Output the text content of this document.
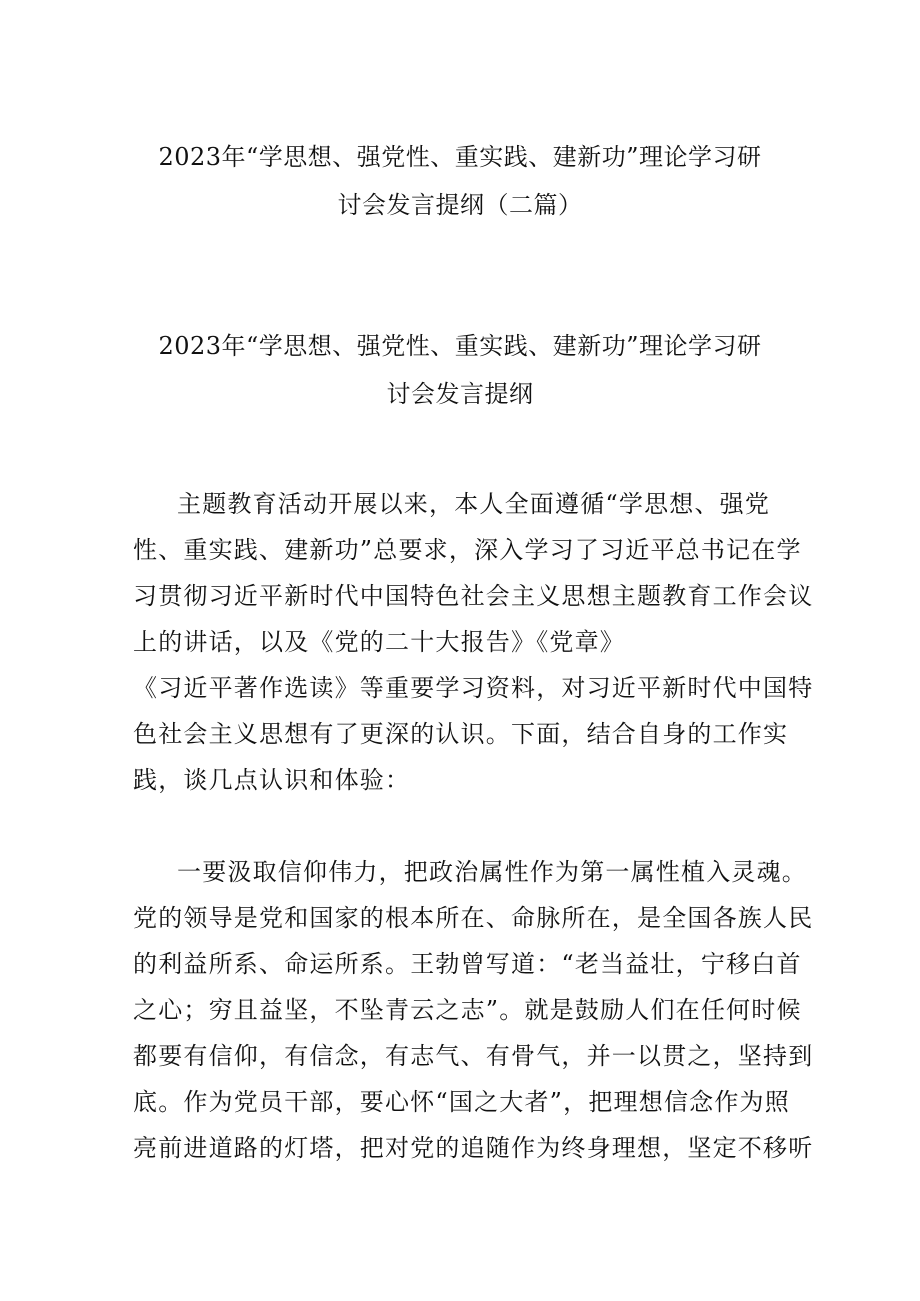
2023年“学思想、强党性、重实践、建新功”理论学习研
讨会发言提纲（二篇）
2023年“学思想、强党性、重实践、建新功”理论学习研
讨会发言提纲
主题教育活动开展以来，本人全面遵循“学思想、强党
性、重实践、建新功”总要求，深入学习了习近平总书记在学
习贯彻习近平新时代中国特色社会主义思想主题教育工作会议
上的讲话，以及《党的二十大报告》《党章》
《习近平著作选读》等重要学习资料，对习近平新时代中国特
色社会主义思想有了更深的认识。下面，结合自身的工作实
践，谈几点认识和体验：
一要汲取信仰伟力，把政治属性作为第一属性植入灵魂。
党的领导是党和国家的根本所在、命脉所在，是全国各族人民
的利益所系、命运所系。王勃曾写道：“老当益壮，宁移白首
之心；穷且益坚，不坠青云之志”。就是鼓励人们在任何时候
都要有信仰，有信念，有志气、有骨气，并一以贯之，坚持到
底。作为党员干部，要心怀“国之大者”，把理想信念作为照
亮前进道路的灯塔，把对党的追随作为终身理想，坚定不移听
